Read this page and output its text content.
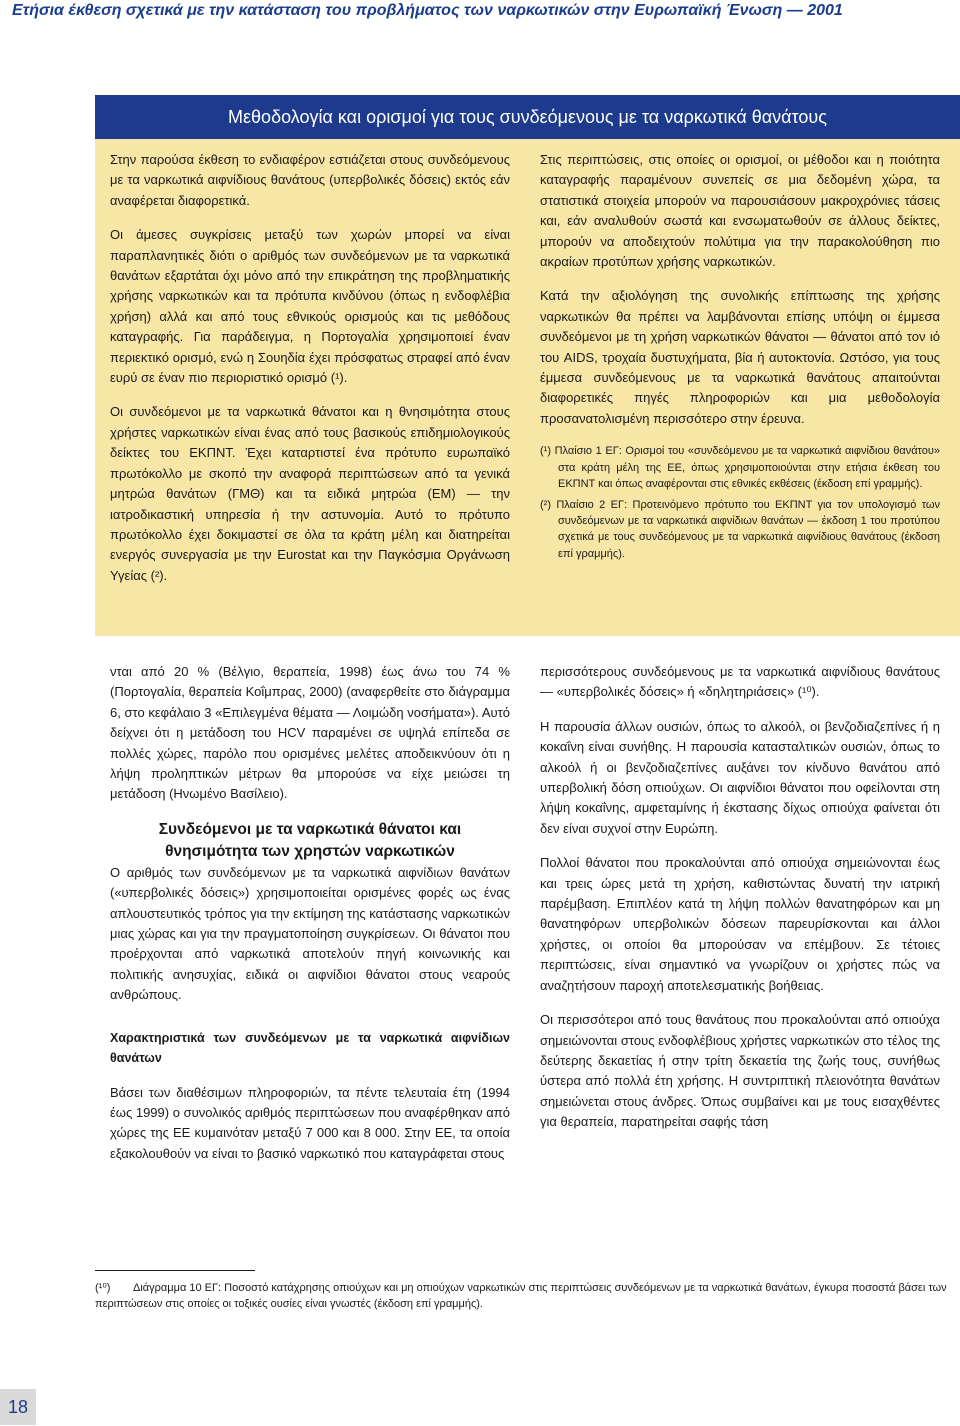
Ετήσια έκθεση σχετικά με την κατάσταση του προβλήματος των ναρκωτικών στην Ευρωπαϊκή Ένωση — 2001
Μεθοδολογία και ορισμοί για τους συνδεόμενους με τα ναρκωτικά θανάτους

Στην παρούσα έκθεση το ενδιαφέρον εστιάζεται στους συνδεόμενους με τα ναρκωτικά αιφνίδιους θανάτους (υπερβολικές δόσεις) εκτός εάν αναφέρεται διαφορετικά.

Οι άμεσες συγκρίσεις μεταξύ των χωρών μπορεί να είναι παραπλανητικές διότι ο αριθμός των συνδεόμενων με τα ναρκωτικά θανάτων εξαρτάται όχι μόνο από την επικράτηση της προβληματικής χρήσης ναρκωτικών και τα πρότυπα κινδύνου (όπως η ενδοφλέβια χρήση) αλλά και από τους εθνικούς ορισμούς και τις μεθόδους καταγραφής. Για παράδειγμα, η Πορτογαλία χρησιμοποιεί έναν περιεκτικό ορισμό, ενώ η Σουηδία έχει πρόσφατως στραφεί από έναν ευρύ σε έναν πιο περιοριστικό ορισμό (¹).

Οι συνδεόμενοι με τα ναρκωτικά θάνατοι και η θνησιμότητα στους χρήστες ναρκωτικών είναι ένας από τους βασικούς επιδημιολογικούς δείκτες του ΕΚΠΝΤ. Έχει καταρτιστεί ένα πρότυπο ευρωπαϊκό πρωτόκολλο με σκοπό την αναφορά περιπτώσεων από τα γενικά μητρώα θανάτων (ΓΜΘ) και τα ειδικά μητρώα (ΕΜ) — την ιατροδικαστική υπηρεσία ή την αστυνομία. Αυτό το πρότυπο πρωτόκολλο έχει δοκιμαστεί σε όλα τα κράτη μέλη και διατηρείται ενεργός συνεργασία με την Eurostat και την Παγκόσμια Οργάνωση Υγείας (²).

Στις περιπτώσεις, στις οποίες οι ορισμοί, οι μέθοδοι και η ποιότητα καταγραφής παραμένουν συνεπείς σε μια δεδομένη χώρα, τα στατιστικά στοιχεία μπορούν να παρουσιάσουν μακροχρόνιες τάσεις και, εάν αναλυθούν σωστά και ενσωματωθούν σε άλλους δείκτες, μπορούν να αποδειχτούν πολύτιμα για την παρακολούθηση πιο ακραίων προτύπων χρήσης ναρκωτικών.

Κατά την αξιολόγηση της συνολικής επίπτωσης της χρήσης ναρκωτικών θα πρέπει να λαμβάνονται επίσης υπόψη οι έμμεσα συνδεόμενοι με τη χρήση ναρκωτικών θάνατοι — θάνατοι από τον ιό του AIDS, τροχαία δυστυχήματα, βία ή αυτοκτονία. Ωστόσο, για τους έμμεσα συνδεόμενους με τα ναρκωτικά θανάτους απαιτούνται διαφορετικές πηγές πληροφοριών και μια μεθοδολογία προσανατολισμένη περισσότερο στην έρευνα.

(¹) Πλαίσιο 1 ΕΓ: Ορισμοί του «συνδεόμενου με τα ναρκωτικά αιφνίδιου θανάτου» στα κράτη μέλη της ΕΕ, όπως χρησιμοποιούνται στην ετήσια έκθεση του ΕΚΠΝΤ και όπως αναφέρονται στις εθνικές εκθέσεις (έκδοση επί γραμμής).

(²) Πλαίσιο 2 ΕΓ: Προτεινόμενο πρότυπο του ΕΚΠΝΤ για τον υπολογισμό των συνδεόμενων με τα ναρκωτικά αιφνίδιων θανάτων — έκδοση 1 του προτύπου σχετικά με τους συνδεόμενους με τα ναρκωτικά αιφνίδιους θανάτους (έκδοση επί γραμμής).

νται από 20 % (Βέλγιο, θεραπεία, 1998) έως άνω του 74 % (Πορτογαλία, θεραπεία Κοΐμπρας, 2000) (αναφερθείτε στο διάγραμμα 6, στο κεφάλαιο 3 «Επιλεγμένα θέματα — Λοιμώδη νοσήματα»). Αυτό δείχνει ότι η μετάδοση του HCV παραμένει σε υψηλά επίπεδα σε πολλές χώρες, παρόλο που ορισμένες μελέτες αποδεικνύουν ότι η λήψη προληπτικών μέτρων θα μπορούσε να είχε μειώσει τη μετάδοση (Ηνωμένο Βασίλειο).

Συνδεόμενοι με τα ναρκωτικά θάνατοι και
θνησιμότητα των χρηστών ναρκωτικών

Ο αριθμός των συνδεόμενων με τα ναρκωτικά αιφνίδιων θανάτων («υπερβολικές δόσεις») χρησιμοποιείται ορισμένες φορές ως ένας απλουστευτικός τρόπος για την εκτίμηση της κατάστασης ναρκωτικών μιας χώρας και για την πραγματοποίηση συγκρίσεων. Οι θάνατοι που προέρχονται από ναρκωτικά αποτελούν πηγή κοινωνικής και πολιτικής ανησυχίας, ειδικά οι αιφνίδιοι θάνατοι στους νεαρούς ανθρώπους.

Χαρακτηριστικά των συνδεόμενων με τα ναρκωτικά αιφνίδιων θανάτων

Βάσει των διαθέσιμων πληροφοριών, τα πέντε τελευταία έτη (1994 έως 1999) ο συνολικός αριθμός περιπτώσεων που αναφέρθηκαν από χώρες της ΕΕ κυμαινόταν μεταξύ 7 000 και 8 000. Στην ΕΕ, τα οποία εξακολουθούν να είναι το βασικό ναρκωτικό που καταγράφεται στους

περισσότερους συνδεόμενους με τα ναρκωτικά αιφνίδιους θανάτους — «υπερβολικές δόσεις» ή «δηλητηριάσεις» (¹⁰).

Η παρουσία άλλων ουσιών, όπως το αλκοόλ, οι βενζοδιαζεπίνες ή η κοκαΐνη είναι συνήθης. Η παρουσία κατασταλτικών ουσιών, όπως το αλκοόλ ή οι βενζοδιαζεπίνες αυξάνει τον κίνδυνο θανάτου από υπερβολική δόση οπιούχων. Οι αιφνίδιοι θάνατοι που οφείλονται στη λήψη κοκαΐνης, αμφεταμίνης ή έκστασης δίχως οπιούχα φαίνεται ότι δεν είναι συχνοί στην Ευρώπη.

Πολλοί θάνατοι που προκαλούνται από οπιούχα σημειώνονται έως και τρεις ώρες μετά τη χρήση, καθιστώντας δυνατή την ιατρική παρέμβαση. Επιπλέον κατά τη λήψη πολλών θανατηφόρων και μη θανατηφόρων υπερβολικών δόσεων παρευρίσκονται και άλλοι χρήστες, οι οποίοι θα μπορούσαν να επέμβουν. Σε τέτοιες περιπτώσεις, είναι σημαντικό να γνωρίζουν οι χρήστες πώς να αναζητήσουν παροχή αποτελεσματικής βοήθειας.

Οι περισσότεροι από τους θανάτους που προκαλούνται από οπιούχα σημειώνονται στους ενδοφλέβιους χρήστες ναρκωτικών στο τέλος της δεύτερης δεκαετίας ή στην τρίτη δεκαετία της ζωής τους, συνήθως ύστερα από πολλά έτη χρήσης. Η συντριπτική πλειονότητα θανάτων σημειώνεται στους άνδρες. Όπως συμβαίνει και με τους εισαχθέντες για θεραπεία, παρατηρείται σαφής τάση

(¹⁰) Διάγραμμα 10 ΕΓ: Ποσοστό κατάχρησης οπιούχων και μη οπιούχων ναρκωτικών στις περιπτώσεις συνδεόμενων με τα ναρκωτικά θανάτων, έγκυρα ποσοστά βάσει των περιπτώσεων στις οποίες οι τοξικές ουσίες είναι γνωστές (έκδοση επί γραμμής).
18
